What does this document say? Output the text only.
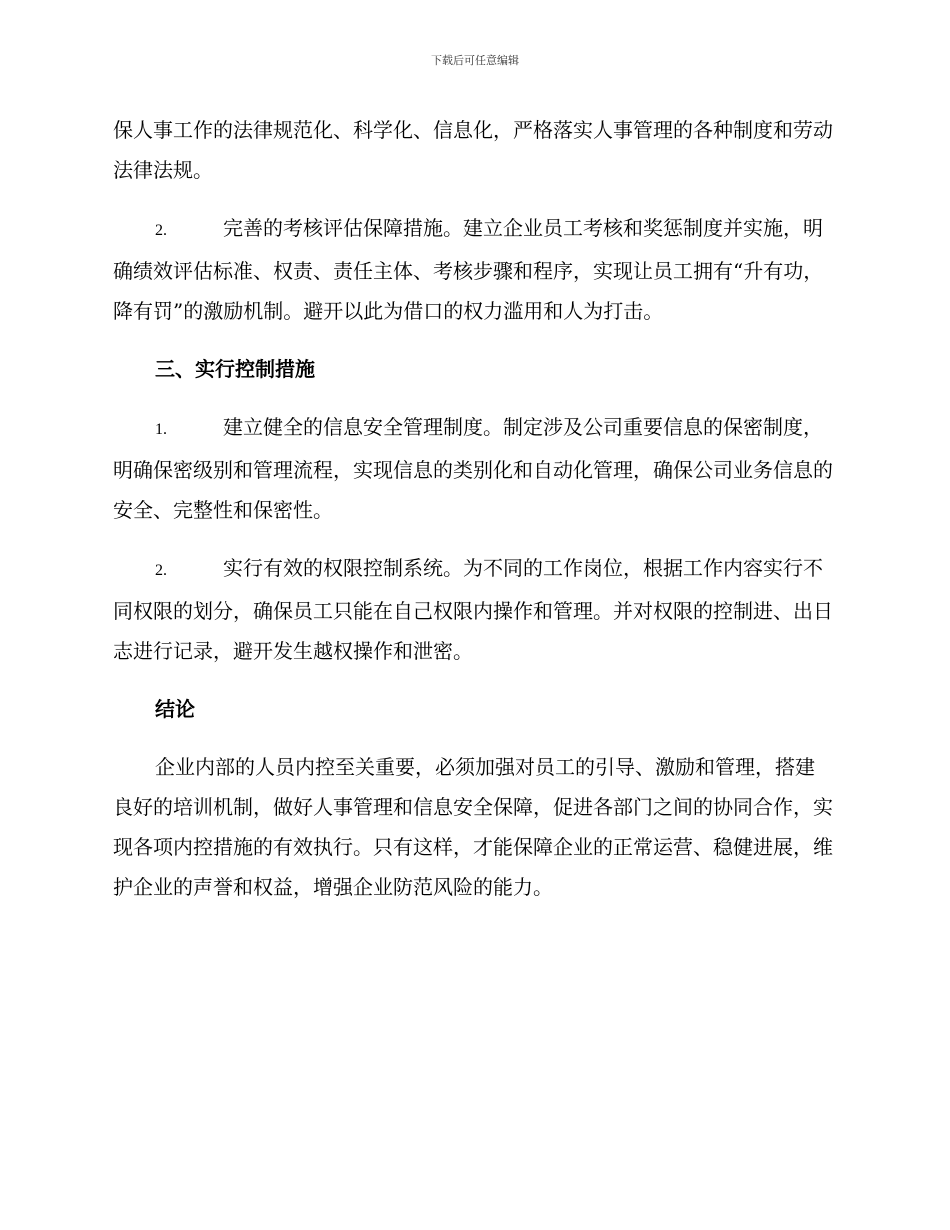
下载后可任意编辑

保人事工作的法律规范化、科学化、信息化，严格落实人事管理的各种制度和劳动法律法规。

2.	完善的考核评估保障措施。建立企业员工考核和奖惩制度并实施，明确绩效评估标准、权责、责任主体、考核步骤和程序，实现让员工拥有“升有功，降有罚”的激励机制。避开以此为借口的权力滥用和人为打击。

三、实行控制措施

1.	建立健全的信息安全管理制度。制定涉及公司重要信息的保密制度，明确保密级别和管理流程，实现信息的类别化和自动化管理，确保公司业务信息的安全、完整性和保密性。

2.	实行有效的权限控制系统。为不同的工作岗位，根据工作内容实行不同权限的划分，确保员工只能在自己权限内操作和管理。并对权限的控制进、出日志进行记录，避开发生越权操作和泄密。

结论

企业内部的人员内控至关重要，必须加强对员工的引导、激励和管理，搭建良好的培训机制，做好人事管理和信息安全保障，促进各部门之间的协同合作，实现各项内控措施的有效执行。只有这样，才能保障企业的正常运营、稳健进展，维护企业的声誉和权益，增强企业防范风险的能力。
